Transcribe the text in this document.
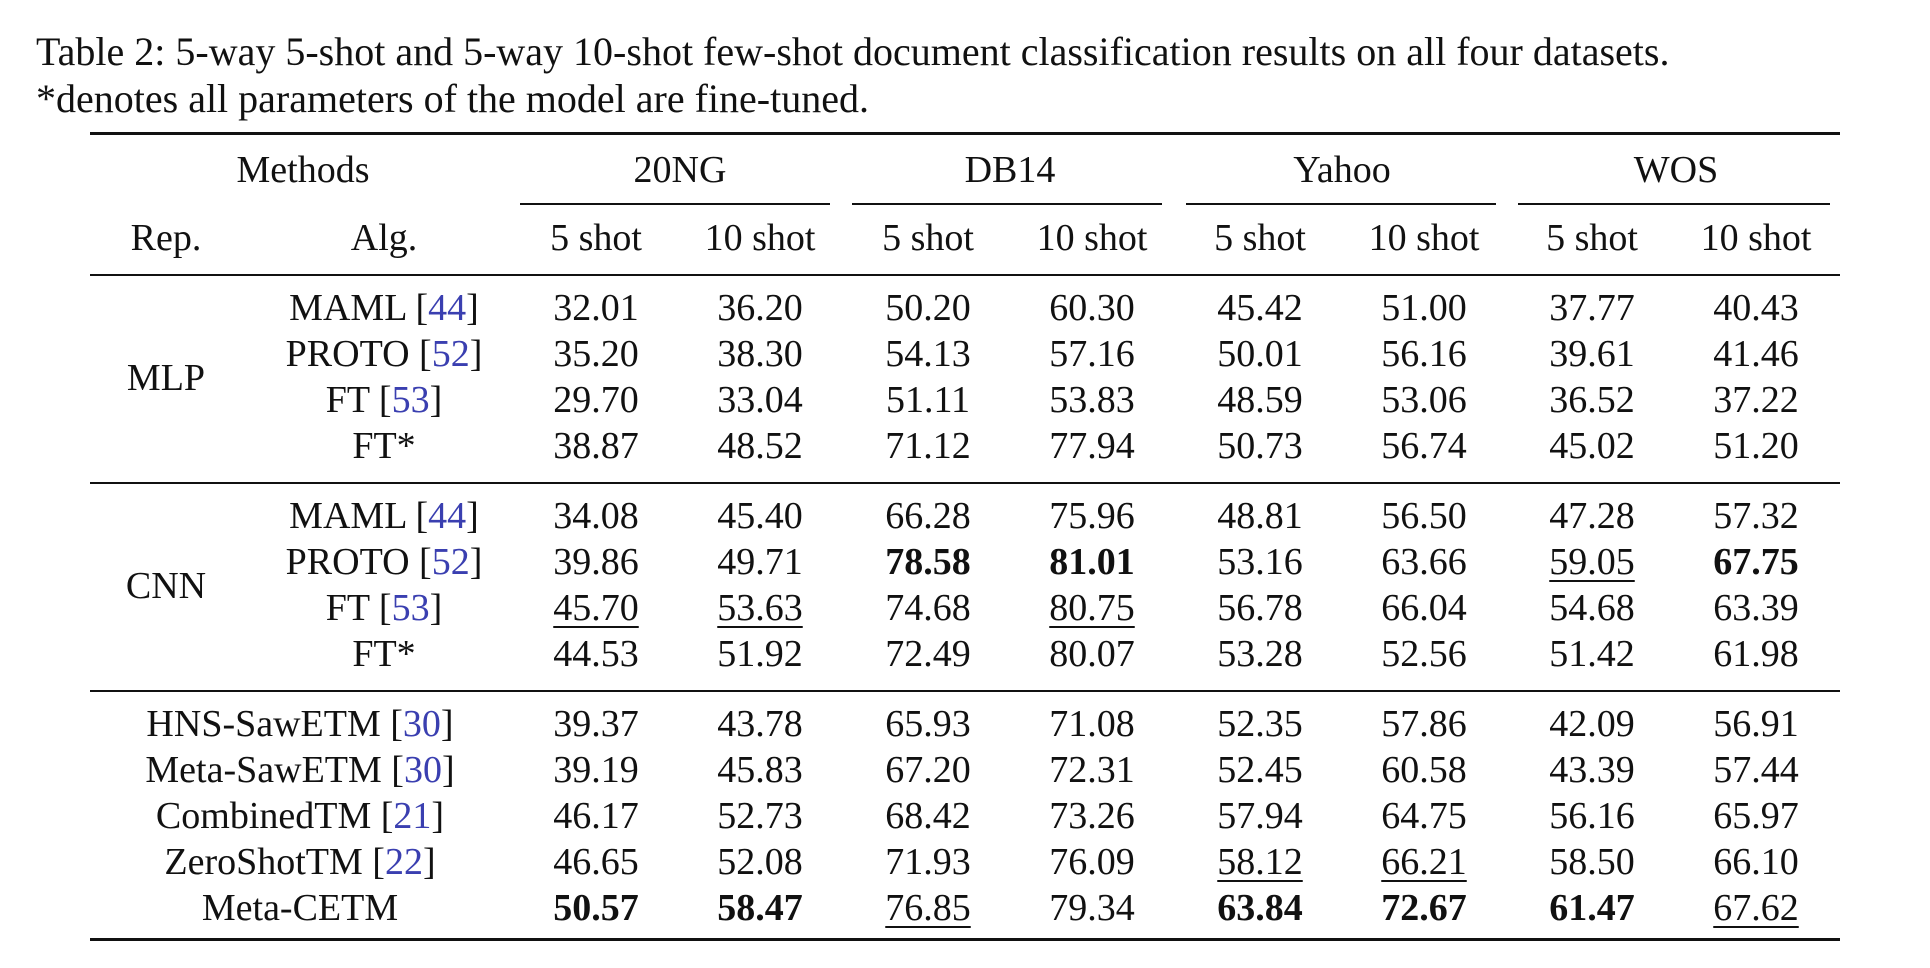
Table 2: 5-way 5-shot and 5-way 10-shot few-shot document classification results on all four datasets.
*denotes all parameters of the model are fine-tuned.
Methods	20NG	DB14	Yahoo	WOS
Rep.	Alg.	5 shot 10 shot 5 shot 10 shot 5 shot 10 shot 5 shot 10 shot
MLP
MAML [44] 32.01 36.20 50.20 60.30 45.42 51.00 37.77 40.43
PROTO [52] 35.20 38.30 54.13 57.16 50.01 56.16 39.61 41.46
FT [53]	29.70 33.04 51.11 53.83 48.59 53.06 36.52 37.22
FT*	38.87 48.52 71.12 77.94 50.73 56.74 45.02 51.20
CNN
MAML [44] 34.08 45.40 66.28 75.96 48.81 56.50 47.28 57.32
PROTO [52] 39.86 49.71 78.58 81.01 53.16 63.66 59.05 67.75
FT [53]	45.70 53.63 74.68 80.75 56.78 66.04 54.68 63.39
FT*	44.53 51.92 72.49 80.07 53.28 52.56 51.42 61.98
HNS-SawETM [30]	39.37 43.78 65.93 71.08 52.35 57.86 42.09 56.91
Meta-SawETM [30]	39.19 45.83 67.20 72.31 52.45 60.58 43.39 57.44
CombinedTM [21]	46.17 52.73 68.42 73.26 57.94 64.75 56.16 65.97
ZeroShotTM [22]	46.65 52.08 71.93 76.09 58.12 66.21 58.50 66.10
Meta-CETM	50.57 58.47 76.85 79.34 63.84 72.67 61.47 67.62
